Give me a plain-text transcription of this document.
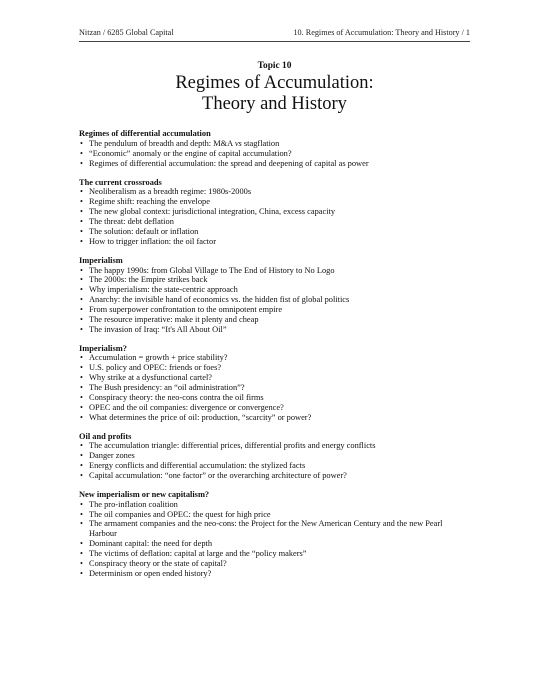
Nitzan / 6285 Global Capital	10. Regimes of Accumulation: Theory and History / 1
Topic 10
Regimes of Accumulation:
Theory and History
Regimes of differential accumulation
• The pendulum of breadth and depth: M&A vs stagflation
• “Economic” anomaly or the engine of capital accumulation?
• Regimes of differential accumulation: the spread and deepening of capital as power
The current crossroads
• Neoliberalism as a breadth regime: 1980s-2000s
• Regime shift: reaching the envelope
• The new global context: jurisdictional integration, China, excess capacity
• The threat: debt deflation
• The solution: default or inflation
• How to trigger inflation: the oil factor
Imperialism
• The happy 1990s: from Global Village to The End of History to No Logo
• The 2000s: the Empire strikes back
• Why imperialism: the state-centric approach
• Anarchy: the invisible hand of economics vs. the hidden fist of global politics
• From superpower confrontation to the omnipotent empire
• The resource imperative: make it plenty and cheap
• The invasion of Iraq: “It's All About Oil”
Imperialism?
• Accumulation = growth + price stability?
• U.S. policy and OPEC: friends or foes?
• Why strike at a dysfunctional cartel?
• The Bush presidency: an “oil administration”?
• Conspiracy theory: the neo-cons contra the oil firms
• OPEC and the oil companies: divergence or convergence?
• What determines the price of oil: production, “scarcity” or power?
Oil and profits
• The accumulation triangle: differential prices, differential profits and energy conflicts
• Danger zones
• Energy conflicts and differential accumulation: the stylized facts
• Capital accumulation: “one factor” or the overarching architecture of power?
New imperialism or new capitalism?
• The pro-inflation coalition
• The oil companies and OPEC: the quest for high price
• The armament companies and the neo-cons: the Project for the New American Century and the new Pearl Harbour
• Dominant capital: the need for depth
• The victims of deflation: capital at large and the “policy makers”
• Conspiracy theory or the state of capital?
• Determinism or open ended history?
